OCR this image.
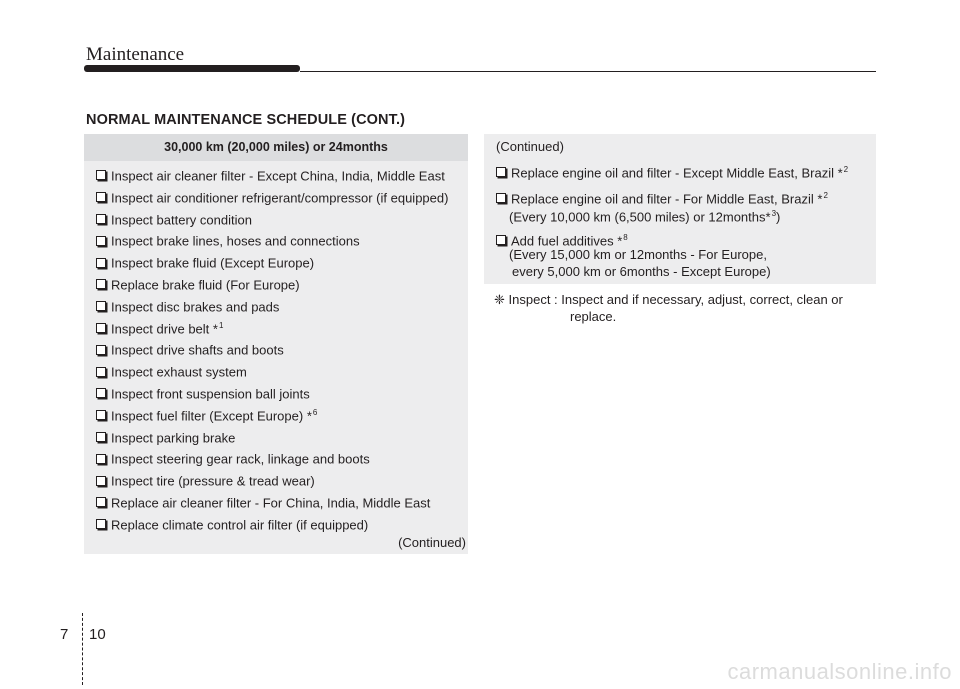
Maintenance
NORMAL MAINTENANCE SCHEDULE (CONT.)
30,000 km (20,000 miles) or 24months
Inspect air cleaner filter - Except China, India, Middle East
Inspect air conditioner refrigerant/compressor (if equipped)
Inspect battery condition
Inspect brake lines, hoses and connections
Inspect brake fluid (Except Europe)
Replace brake fluid (For Europe)
Inspect disc brakes and pads
Inspect drive belt *$^1$
Inspect drive shafts and boots
Inspect exhaust system
Inspect front suspension ball joints
Inspect fuel filter (Except Europe) *$^6$
Inspect parking brake
Inspect steering gear rack, linkage and boots
Inspect tire (pressure & tread wear)
Replace air cleaner filter - For China, India, Middle East
Replace climate control air filter (if equipped)
(Continued)
(Continued)
Replace engine oil and filter - Except Middle East, Brazil *$^2$
Replace engine oil and filter - For Middle East, Brazil *$^2$
(Every 10,000 km (6,500 miles) or 12months*$^3$)
Add fuel additives *$^8$
(Every 15,000 km or 12months - For Europe,
every 5,000 km or 6months - Except Europe)
❈ Inspect : Inspect and if necessary, adjust, correct, clean or
replace.
7 10
carmanualsonline.info
